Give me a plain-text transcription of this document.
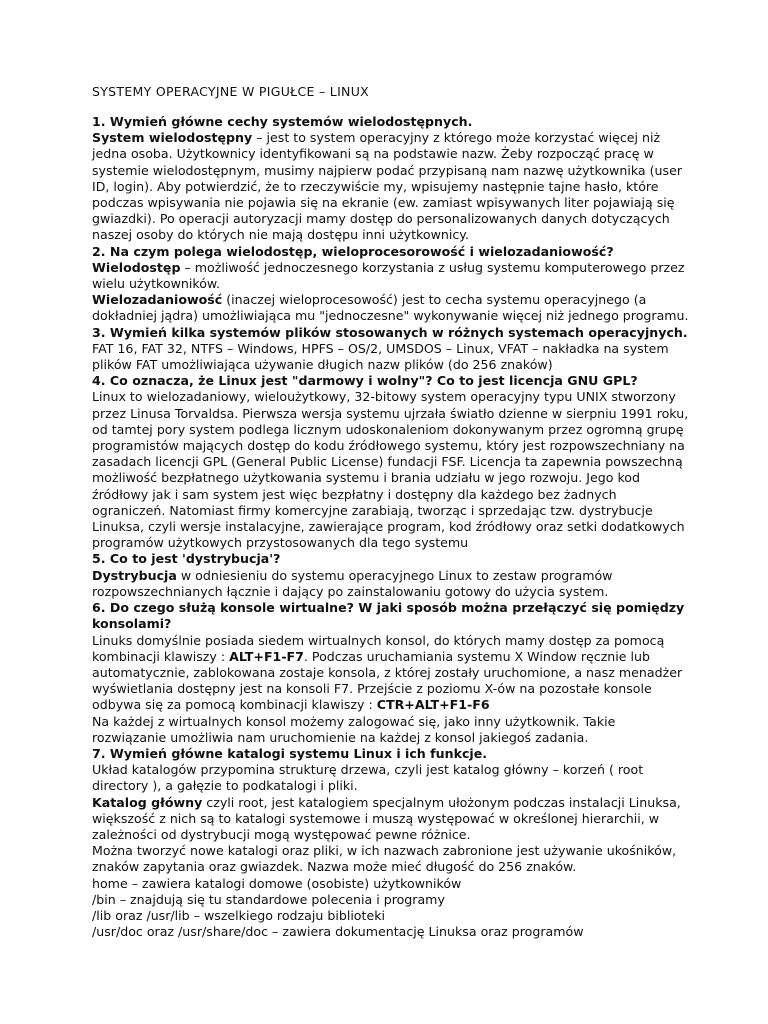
SYSTEMY OPERACYJNE W PIGUŁCE – LINUX
1. Wymień główne cechy systemów wielodostępnych.
System wielodostępny – jest to system operacyjny z którego może korzystać więcej niż jedna osoba. Użytkownicy identyfikowani są na podstawie nazw. Żeby rozpocząć pracę w systemie wielodostępnym, musimy najpierw podać przypisaną nam nazwę użytkownika (user ID, login). Aby potwierdzić, że to rzeczywiście my, wpisujemy następnie tajne hasło, które podczas wpisywania nie pojawia się na ekranie (ew. zamiast wpisywanych liter pojawiają się gwiazdki). Po operacji autoryzacji mamy dostęp do personalizowanych danych dotyczących naszej osoby do których nie mają dostępu inni użytkownicy.
2. Na czym polega wielodostęp, wieloprocesorowość i wielozadaniowość?
Wielodostęp – możliwość jednoczesnego korzystania z usług systemu komputerowego przez wielu użytkowników.
Wielozadaniowość (inaczej wieloprocesowość) jest to cecha systemu operacyjnego (a dokładniej jądra) umożliwiająca mu "jednoczesne" wykonywanie więcej niż jednego programu.
3. Wymień kilka systemów plików stosowanych w różnych systemach operacyjnych.
FAT 16, FAT 32, NTFS – Windows, HPFS – OS/2, UMSDOS – Linux, VFAT – nakładka na system plików FAT umożliwiająca używanie długich nazw plików (do 256 znaków)
4. Co oznacza, że Linux jest "darmowy i wolny"? Co to jest licencja GNU GPL?
Linux to wielozadaniowy, wieloużytkowy, 32-bitowy system operacyjny typu UNIX stworzony przez Linusa Torvaldsa. Pierwsza wersja systemu ujrzała światło dzienne w sierpniu 1991 roku, od tamtej pory system podlega licznym udoskonaleniom dokonywanym przez ogromną grupę programistów mających dostęp do kodu źródłowego systemu, który jest rozpowszechniany na zasadach licencji GPL (General Public License) fundacji FSF. Licencja ta zapewnia powszechną możliwość bezpłatnego użytkowania systemu i brania udziału w jego rozwoju. Jego kod źródłowy jak i sam system jest więc bezpłatny i dostępny dla każdego bez żadnych ograniczeń. Natomiast firmy komercyjne zarabiają, tworząc i sprzedając tzw. dystrybucje Linuksa, czyli wersje instalacyjne, zawierające program, kod źródłowy oraz setki dodatkowych programów użytkowych przystosowanych dla tego systemu
5. Co to jest 'dystrybucja'?
Dystrybucja w odniesieniu do systemu operacyjnego Linux to zestaw programów rozpowszechnianych łącznie i dający po zainstalowaniu gotowy do użycia system.
6. Do czego służą konsole wirtualne? W jaki sposób można przełączyć się pomiędzy konsolami?
Linuks domyślnie posiada siedem wirtualnych konsol, do których mamy dostęp za pomocą kombinacji klawiszy : ALT+F1-F7. Podczas uruchamiania systemu X Window ręcznie lub automatycznie, zablokowana zostaje konsola, z której zostały uruchomione, a nasz menadżer wyświetlania dostępny jest na konsoli F7. Przejście z poziomu X-ów na pozostałe konsole odbywa się za pomocą kombinacji klawiszy : CTR+ALT+F1-F6
Na każdej z wirtualnych konsol możemy zalogować się, jako inny użytkownik. Takie rozwiązanie umożliwia nam uruchomienie na każdej z konsol jakiegoś zadania.
7. Wymień główne katalogi systemu Linux i ich funkcje.
Układ katalogów przypomina strukturę drzewa, czyli jest katalog główny – korzeń ( root directory ), a gałęzie to podkatalogi i pliki.
Katalog główny czyli root, jest katalogiem specjalnym ułożonym podczas instalacji Linuksa, większość z nich są to katalogi systemowe i muszą występować w określonej hierarchii, w zależności od dystrybucji mogą występować pewne różnice.
Można tworzyć nowe katalogi oraz pliki, w ich nazwach zabronione jest używanie ukośników, znaków zapytania oraz gwiazdek. Nazwa może mieć długość do 256 znaków.
home – zawiera katalogi domowe (osobiste) użytkowników
/bin – znajdują się tu standardowe polecenia i programy
/lib oraz /usr/lib – wszelkiego rodzaju biblioteki
/usr/doc oraz /usr/share/doc – zawiera dokumentację Linuksa oraz programów
